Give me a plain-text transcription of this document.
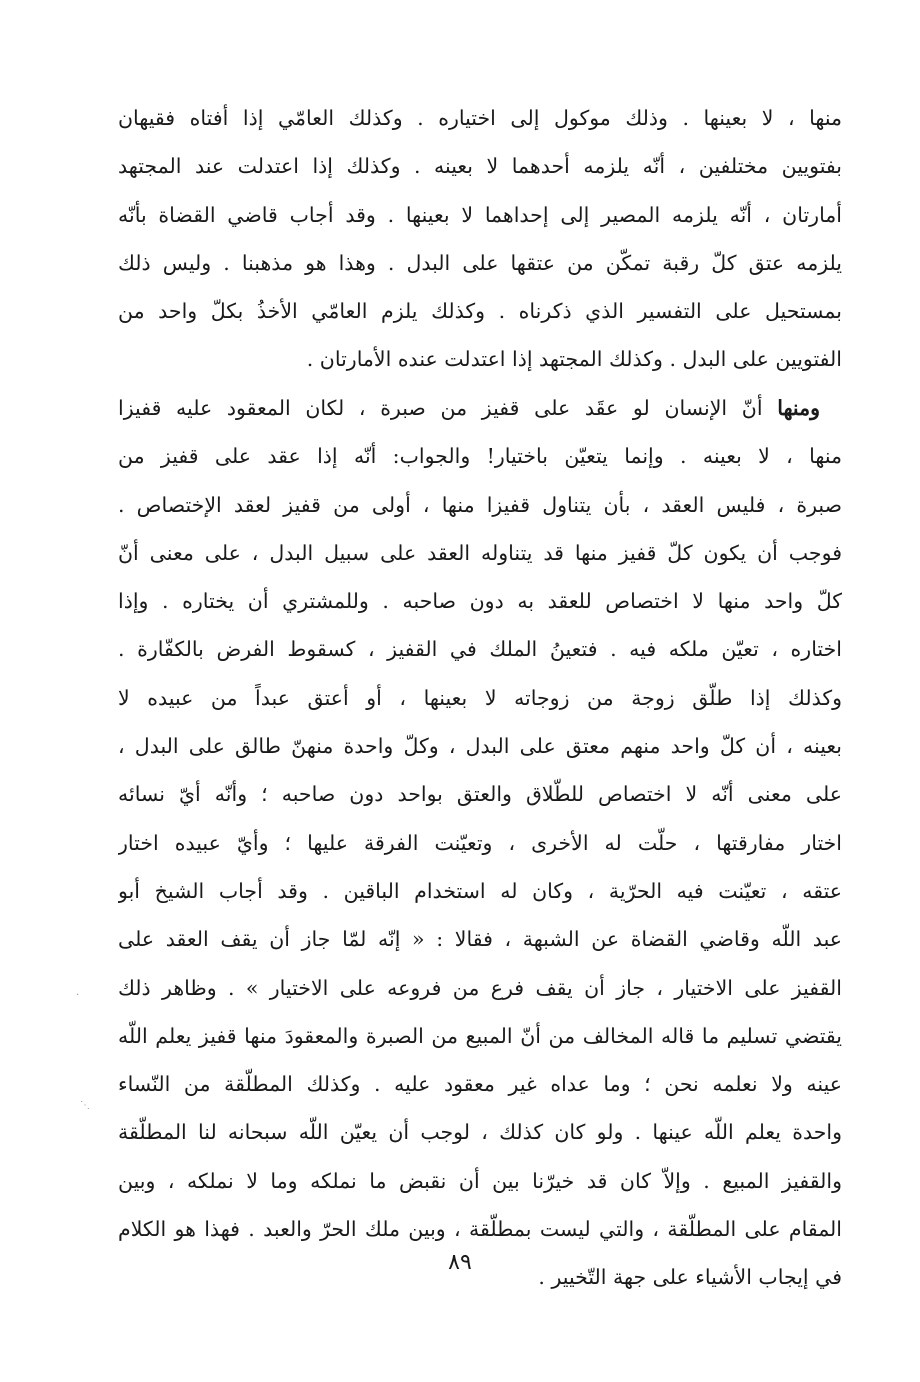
منها ، لا بعينها . وذلك موكول إلى اختياره . وكذلك العامّي إذا أفتاه فقيهان
بفتويين مختلفين ، أنّه يلزمه أحدهما لا بعينه . وكذلك إذا اعتدلت عند المجتهد
أمارتان ، أنّه يلزمه المصير إلى إحداهما لا بعينها . وقد أجاب قاضي القضاة بأنّه
يلزمه عتق كلّ رقبة تمكّن من عتقها على البدل . وهذا هو مذهبنا . وليس ذلك
بمستحيل على التفسير الذي ذكرناه . وكذلك يلزم العامّي الأخذُ بكلّ واحد من
الفتويين على البدل . وكذلك المجتهد إذا اعتدلت عنده الأمارتان .
ومنها أنّ الإنسان لو عقَد على قفيز من صبرة ، لكان المعقود عليه قفيزا
منها ، لا بعينه . وإنما يتعيّن باختيار! والجواب: أنّه إذا عقد على قفيز من
صبرة ، فليس العقد ، بأن يتناول قفيزا منها ، أولى من قفيز لعقد الإختصاص .
فوجب أن يكون كلّ قفيز منها قد يتناوله العقد على سبيل البدل ، على معنى أنّ
كلّ واحد منها لا اختصاص للعقد به دون صاحبه . وللمشتري أن يختاره . وإذا
اختاره ، تعيّن ملكه فيه . فتعينُ الملك في القفيز ، كسقوط الفرض بالكفّارة .
وكذلك إذا طلّق زوجة من زوجاته لا بعينها ، أو أعتق عبداً من عبيده لا
بعينه ، أن كلّ واحد منهم معتق على البدل ، وكلّ واحدة منهنّ طالق على البدل ،
على معنى أنّه لا اختصاص للطّلاق والعتق بواحد دون صاحبه ؛ وأنّه أيّ نسائه
اختار مفارقتها ، حلّت له الأخرى ، وتعيّنت الفرقة عليها ؛ وأيّ عبيده اختار
عتقه ، تعيّنت فيه الحرّية ، وكان له استخدام الباقين . وقد أجاب الشيخ أبو
عبد اللّه وقاضي القضاة عن الشبهة ، فقالا : « إنّه لمّا جاز أن يقف العقد على
القفيز على الاختيار ، جاز أن يقف فرع من فروعه على الاختيار » . وظاهر ذلك
يقتضي تسليم ما قاله المخالف من أنّ المبيع من الصبرة والمعقودَ منها قفيز يعلم اللّه
عينه ولا نعلمه نحن ؛ وما عداه غير معقود عليه . وكذلك المطلّقة من النّساء
واحدة يعلم اللّه عينها . ولو كان كذلك ، لوجب أن يعيّن اللّه سبحانه لنا المطلّقة
والقفيز المبيع . وإلاّ كان قد خيرّنا بين أن نقبض ما نملكه وما لا نملكه ، وبين
المقام على المطلّقة ، والتي ليست بمطلّقة ، وبين ملك الحرّ والعبد . فهذا هو الكلام
في إيجاب الأشياء على جهة التّخيير .
٨٩
·
⋰
